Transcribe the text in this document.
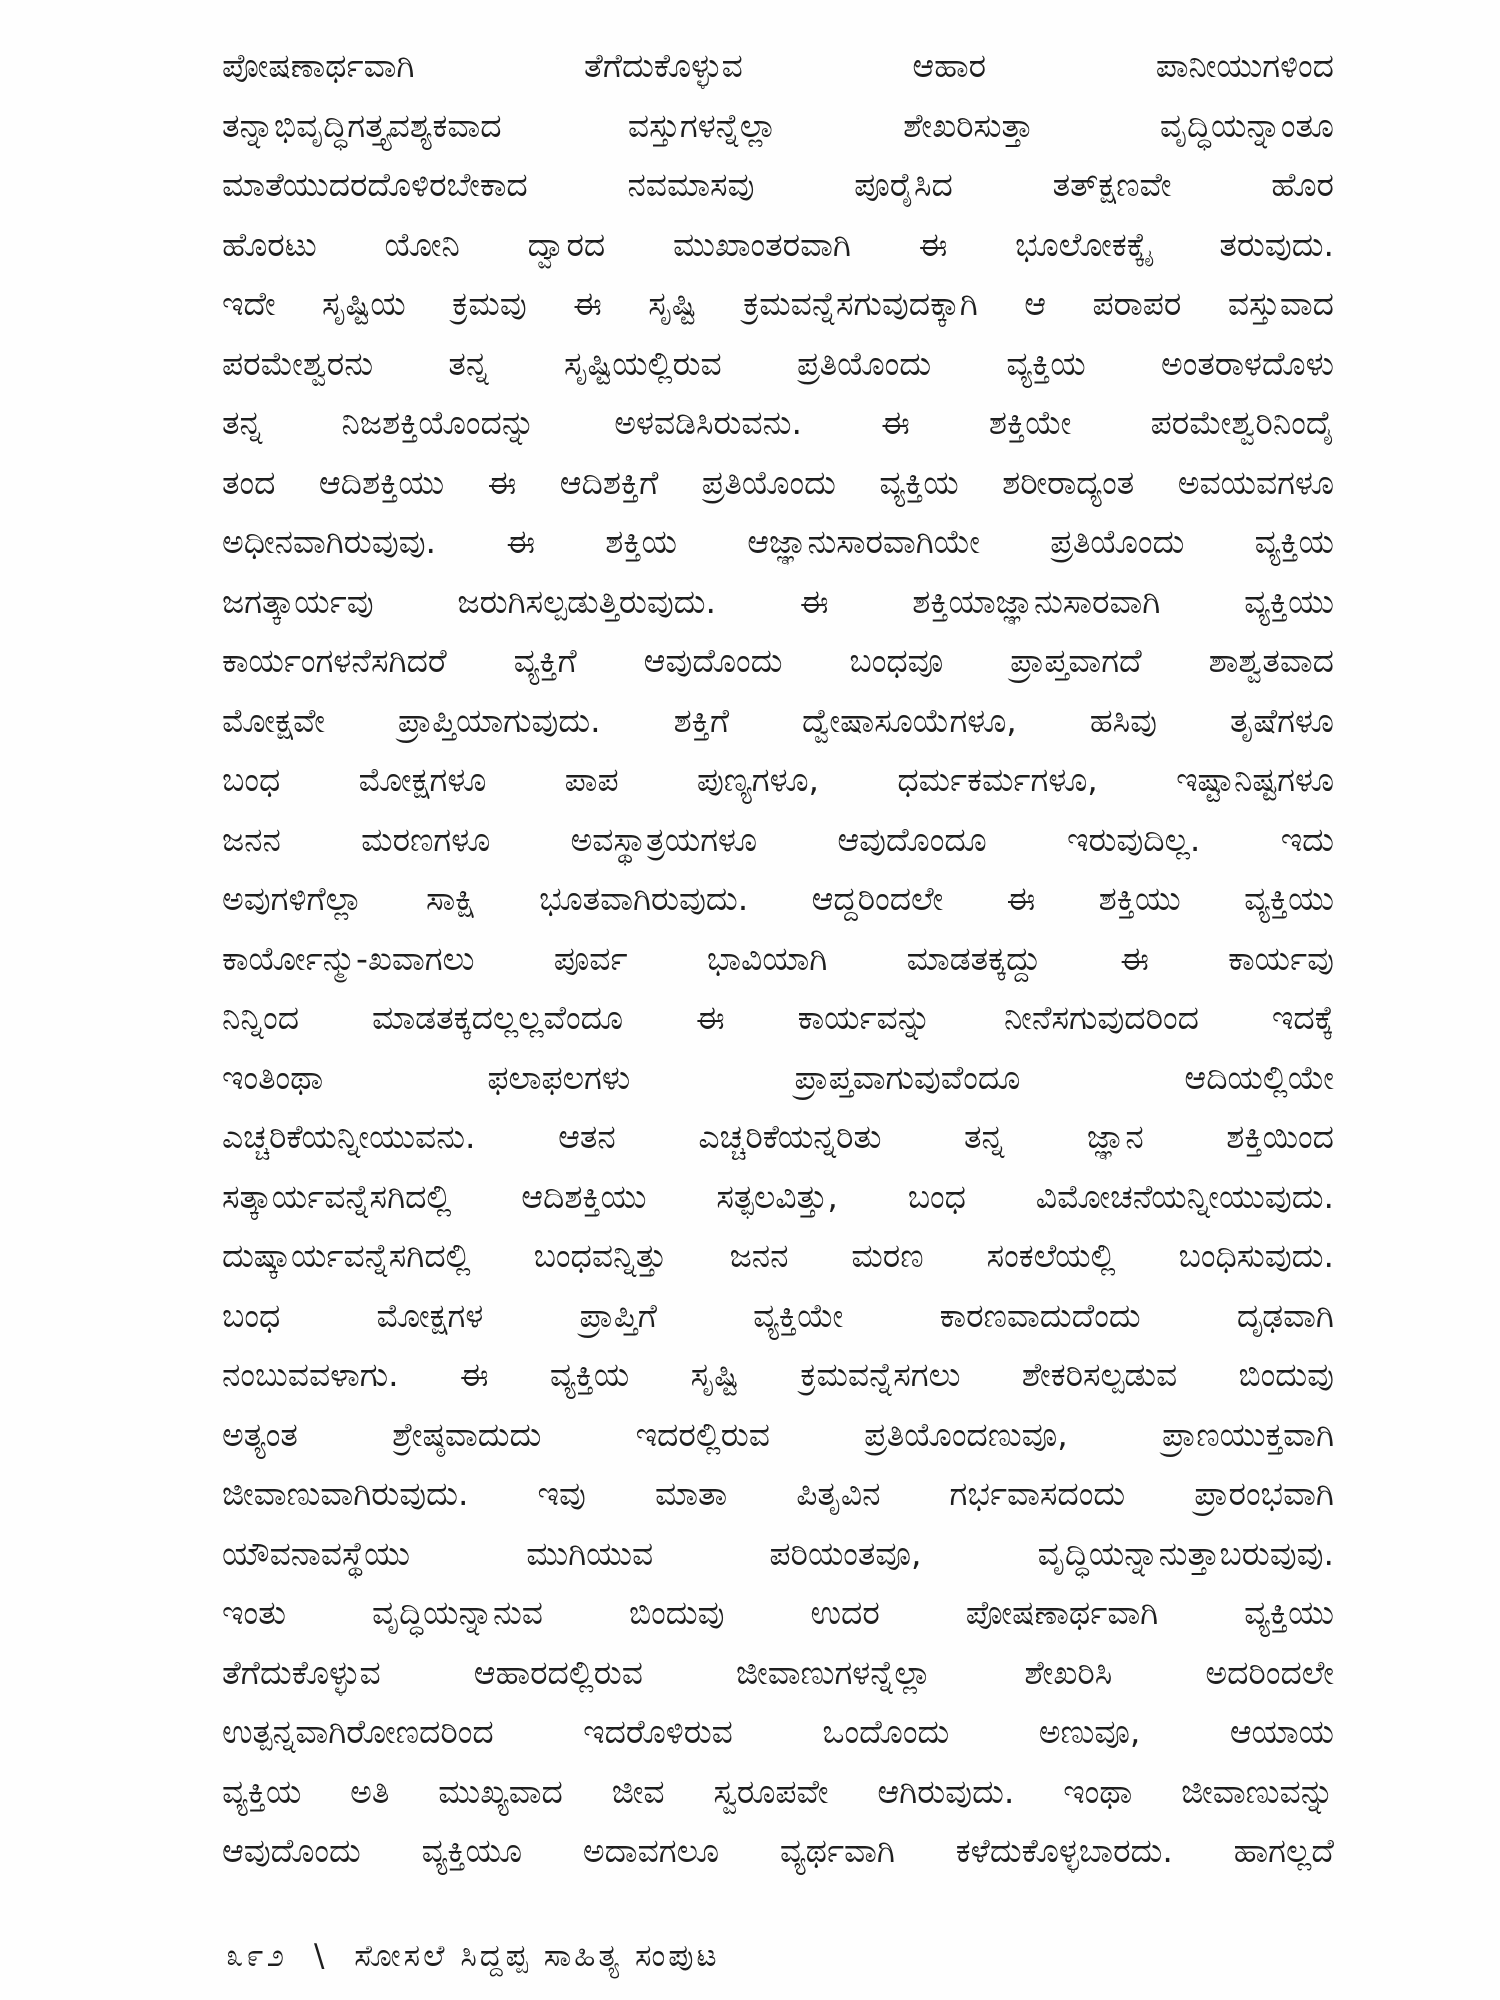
ಪೋಷಣಾರ್ಥವಾಗಿ ತೆಗೆದುಕೊಳ್ಳುವ ಆಹಾರ ಪಾನೀಯುಗಳಿಂದ
ತನ್ನಾಭಿವೃದ್ಧಿಗತ್ತ್ಯವಶ್ಯಕವಾದ ವಸ್ತುಗಳನ್ನೆಲ್ಲಾ ಶೇಖರಿಸುತ್ತಾ ವೃದ್ಧಿಯನ್ನಾಂತೂ
ಮಾತೆಯುದರದೊಳಿರಬೇಕಾದ ನವಮಾಸವು ಪೂರೈಸಿದ ತತ್‌ಕ್ಷಣವೇ ಹೊರ
ಹೊರಟು ಯೋನಿ ದ್ವಾರದ ಮುಖಾಂತರವಾಗಿ ಈ ಭೂಲೋಕಕ್ಕೈ ತರುವುದು.
ಇದೇ ಸೃಷ್ಟಿಯ ಕ್ರಮವು ಈ ಸೃಷ್ಟಿ ಕ್ರಮವನ್ನೆಸಗುವುದಕ್ಕಾಗಿ ಆ ಪರಾಪರ ವಸ್ತುವಾದ
ಪರಮೇಶ್ವರನು ತನ್ನ ಸೃಷ್ಟಿಯಲ್ಲಿರುವ ಪ್ರತಿಯೊಂದು ವ್ಯಕ್ತಿಯ ಅಂತರಾಳದೊಳು
ತನ್ನ ನಿಜಶಕ್ತಿಯೊಂದನ್ನು ಅಳವಡಿಸಿರುವನು. ಈ ಶಕ್ತಿಯೇ ಪರಮೇಶ್ವರಿನಿಂದೈ
ತಂದ ಆದಿಶಕ್ತಿಯು ಈ ಆದಿಶಕ್ತಿಗೆ ಪ್ರತಿಯೊಂದು ವ್ಯಕ್ತಿಯ ಶರೀರಾದ್ಯಂತ ಅವಯವಗಳೂ
ಅಧೀನವಾಗಿರುವುವು. ಈ ಶಕ್ತಿಯ ಆಜ್ಞಾನುಸಾರವಾಗಿಯೇ ಪ್ರತಿಯೊಂದು ವ್ಯಕ್ತಿಯ
ಜಗತ್ಕಾರ್ಯವು ಜರುಗಿಸಲ್ಪಡುತ್ತಿರುವುದು. ಈ ಶಕ್ತಿಯಾಜ್ಞಾನುಸಾರವಾಗಿ ವ್ಯಕ್ತಿಯು
ಕಾರ್ಯಂಗಳನೆಸಗಿದರೆ ವ್ಯಕ್ತಿಗೆ ಆವುದೊಂದು ಬಂಧವೂ ಪ್ರಾಪ್ತವಾಗದೆ ಶಾಶ್ವತವಾದ
ಮೋಕ್ಷವೇ ಪ್ರಾಪ್ತಿಯಾಗುವುದು. ಶಕ್ತಿಗೆ ದ್ವೇಷಾಸೂಯೆಗಳೂ, ಹಸಿವು ತೃಷೆಗಳೂ
ಬಂಧ ಮೋಕ್ಷಗಳೂ ಪಾಪ ಪುಣ್ಯಗಳೂ, ಧರ್ಮಕರ್ಮಗಳೂ, ಇಷ್ಟಾನಿಷ್ಟಗಳೂ
ಜನನ ಮರಣಗಳೂ ಅವಸ್ಥಾತ್ರಯಗಳೂ ಆವುದೊಂದೂ ಇರುವುದಿಲ್ಲ. ಇದು
ಅವುಗಳಿಗೆಲ್ಲಾ ಸಾಕ್ಷಿ ಭೂತವಾಗಿರುವುದು. ಆದ್ದರಿಂದಲೇ ಈ ಶಕ್ತಿಯು ವ್ಯಕ್ತಿಯು
ಕಾರ್ಯೋನ್ಮು-ಖವಾಗಲು ಪೂರ್ವ ಭಾವಿಯಾಗಿ ಮಾಡತಕ್ಕದ್ದು ಈ ಕಾರ್ಯವು
ನಿನ್ನಿಂದ ಮಾಡತಕ್ಕದಲ್ಲಲ್ಲವೆಂದೂ ಈ ಕಾರ್ಯವನ್ನು ನೀನೆಸಗುವುದರಿಂದ ಇದಕ್ಕೆ
ಇಂತಿಂಥಾ ಫಲಾಫಲಗಳು ಪ್ರಾಪ್ತವಾಗುವುವೆಂದೂ ಆದಿಯಲ್ಲಿಯೇ
ಎಚ್ಚರಿಕೆಯನ್ನೀಯುವನು. ಆತನ ಎಚ್ಚರಿಕೆಯನ್ನರಿತು ತನ್ನ ಜ್ಞಾನ ಶಕ್ತಿಯಿಂದ
ಸತ್ಕಾರ್ಯವನ್ನೆಸಗಿದಲ್ಲಿ ಆದಿಶಕ್ತಿಯು ಸತ್ಫಲವಿತ್ತು, ಬಂಧ ವಿಮೋಚನೆಯನ್ನೀಯುವುದು.
ದುಷ್ಕಾರ್ಯವನ್ನೆಸಗಿದಲ್ಲಿ ಬಂಧವನ್ನಿತ್ತು ಜನನ ಮರಣ ಸಂಕಲೆಯಲ್ಲಿ ಬಂಧಿಸುವುದು.
ಬಂಧ ಮೋಕ್ಷಗಳ ಪ್ರಾಪ್ತಿಗೆ ವ್ಯಕ್ತಿಯೇ ಕಾರಣವಾದುದೆಂದು ದೃಢವಾಗಿ
ನಂಬುವವಳಾಗು. ಈ ವ್ಯಕ್ತಿಯ ಸೃಷ್ಟಿ ಕ್ರಮವನ್ನೆಸಗಲು ಶೇಕರಿಸಲ್ಪಡುವ ಬಿಂದುವು
ಅತ್ಯಂತ ಶ್ರೇಷ್ಠವಾದುದು ಇದರಲ್ಲಿರುವ ಪ್ರತಿಯೊಂದಣುವೂ, ಪ್ರಾಣಯುಕ್ತವಾಗಿ
ಜೀವಾಣುವಾಗಿರುವುದು. ಇವು ಮಾತಾ ಪಿತೃವಿನ ಗರ್ಭವಾಸದಂದು ಪ್ರಾರಂಭವಾಗಿ
ಯೌವನಾವಸ್ಥೆಯು ಮುಗಿಯುವ ಪರಿಯಂತವೂ, ವೃದ್ಧಿಯನ್ನಾನುತ್ತಾಬರುವುವು.
ಇಂತು ವೃದ್ಧಿಯನ್ನಾನುವ ಬಿಂದುವು ಉದರ ಪೋಷಣಾರ್ಥವಾಗಿ ವ್ಯಕ್ತಿಯು
ತೆಗೆದುಕೊಳ್ಳುವ ಆಹಾರದಲ್ಲಿರುವ ಜೀವಾಣುಗಳನ್ನೆಲ್ಲಾ ಶೇಖರಿಸಿ ಅದರಿಂದಲೇ
ಉತ್ಪನ್ನವಾಗಿರೋಣದರಿಂದ ಇದರೊಳಿರುವ ಒಂದೊಂದು ಅಣುವೂ, ಆಯಾಯ
ವ್ಯಕ್ತಿಯ ಅತಿ ಮುಖ್ಯವಾದ ಜೀವ ಸ್ವರೂಪವೇ ಆಗಿರುವುದು. ಇಂಥಾ ಜೀವಾಣುವನ್ನು
ಆವುದೊಂದು ವ್ಯಕ್ತಿಯೂ ಅದಾವಗಲೂ ವ್ಯರ್ಥವಾಗಿ ಕಳೆದುಕೊಳ್ಳಬಾರದು. ಹಾಗಲ್ಲದೆ
೩೯೨ \ ಸೋಸಲೆ ಸಿದ್ದಪ್ಪ ಸಾಹಿತ್ಯ ಸಂಪುಟ
